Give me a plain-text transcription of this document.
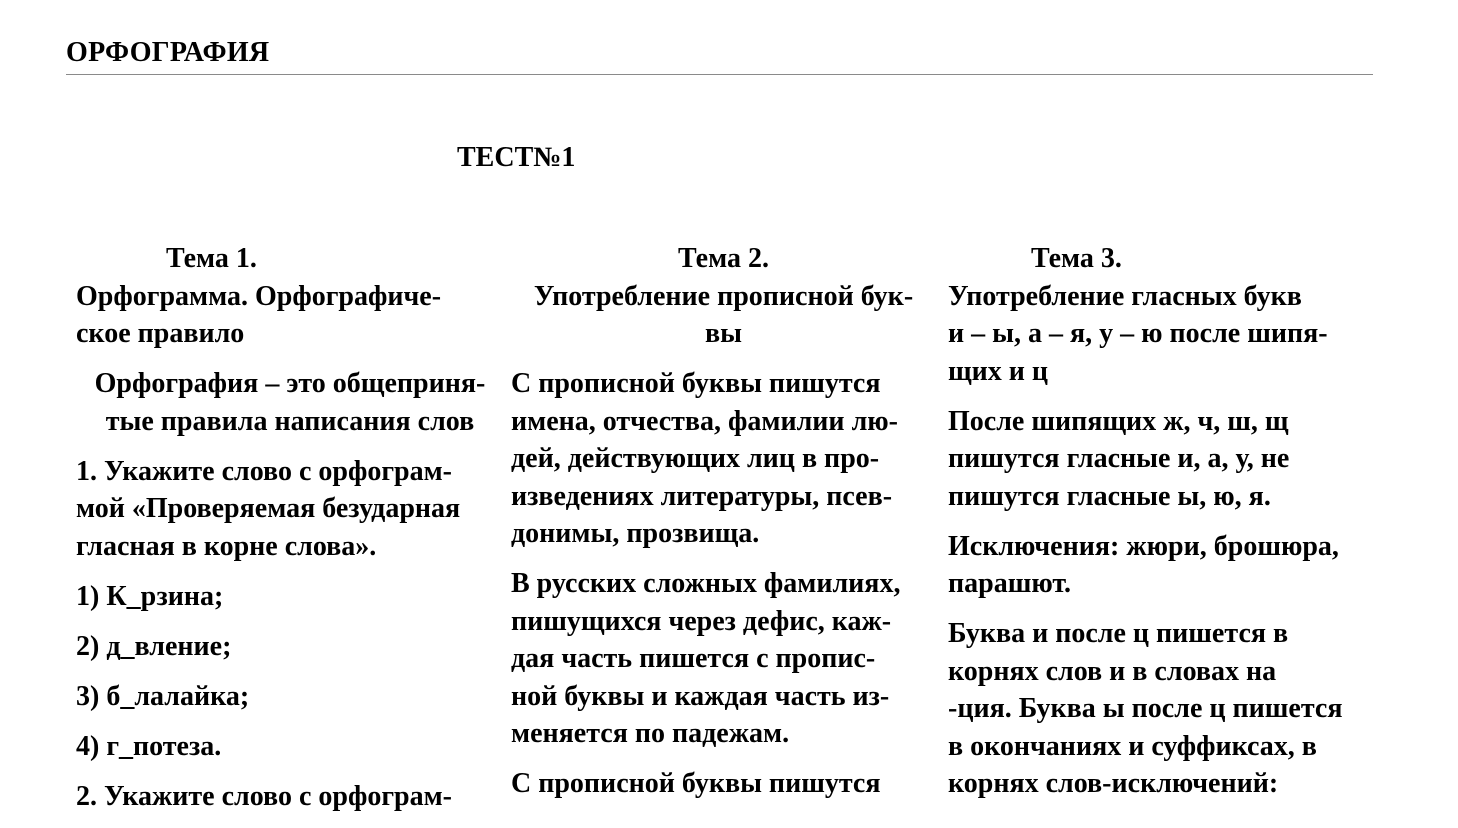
ОРФОГРАФИЯ
ТЕСТ№1
Тема 1.

Орфограмма. Орфографиче-
ское правило

Орфография – это общеприня-
тые правила написания слов

1. Укажите слово с орфограм-
мой «Проверяемая безударная
гласная в корне слова».

1) К_рзина;

2) д_вление;

3) б_лалайка;

4) г_потеза.

2. Укажите слово с орфограм-

Тема 2.

Употребление прописной бук-
вы

С прописной буквы пишутся
имена, отчества, фамилии лю-
дей, действующих лиц в про-
изведениях литературы, псев-
донимы, прозвища.

В русских сложных фамилиях,
пишущихся через дефис, каж-
дая часть пишется с пропис-
ной буквы и каждая часть из-
меняется по падежам.

С прописной буквы пишутся

Тема 3.

Употребление гласных букв
и – ы, а – я, у – ю после шипя-
щих и ц

После шипящих ж, ч, ш, щ
пишутся гласные и, а, у, не
пишутся гласные ы, ю, я.

Исключения: жюри, брошюра,
парашют.

Буква и после ц пишется в
корнях слов и в словах на
-ция. Буква ы после ц пишется
в окончаниях и суффиксах, в
корнях слов-исключений:
